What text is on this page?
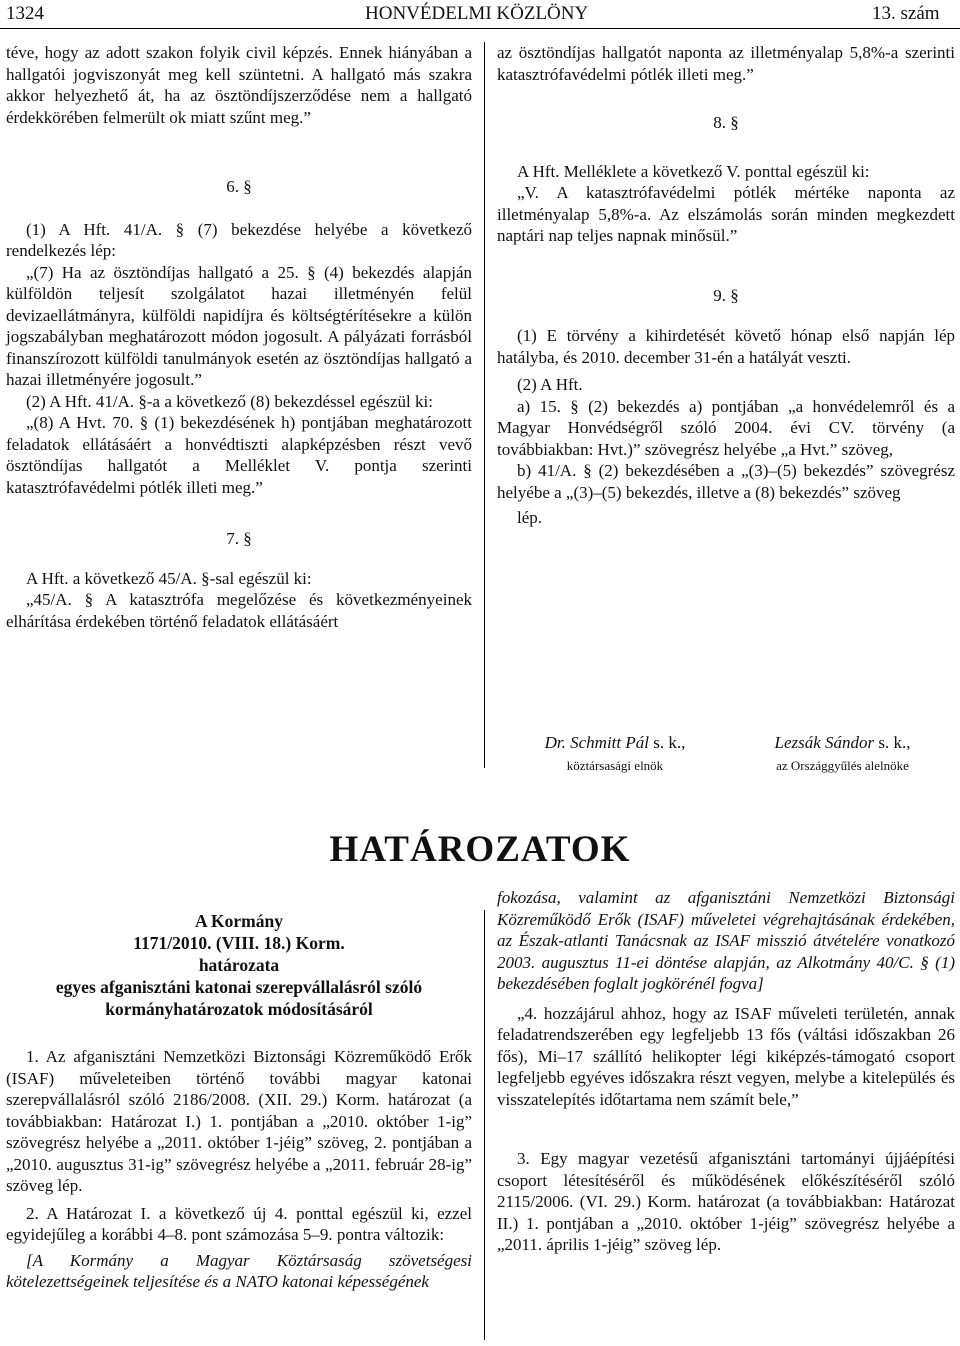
1324	HONVÉDELMI KÖZLÖNY	13. szám

téve, hogy az adott szakon folyik civil képzés. Ennek hiányában a hallgatói jogviszonyát meg kell szüntetni. A hallgató más szakra akkor helyezhető át, ha az ösztöndíjszerződése nem a hallgató érdekkörében felmerült ok miatt szűnt meg.”

6. §

(1) A Hft. 41/A. § (7) bekezdése helyébe a következő rendelkezés lép:

„(7) Ha az ösztöndíjas hallgató a 25. § (4) bekezdés alapján külföldön teljesít szolgálatot hazai illetményén felül devizaellátmányra, külföldi napidíjra és költségtérítésekre a külön jogszabályban meghatározott módon jogosult. A pályázati forrásból finanszírozott külföldi tanulmányok esetén az ösztöndíjas hallgató a hazai illetményére jogosult.”

(2) A Hft. 41/A. §-a a következő (8) bekezdéssel egészül ki:

„(8) A Hvt. 70. § (1) bekezdésének h) pontjában meghatározott feladatok ellátásáért a honvédtiszti alapképzésben részt vevő ösztöndíjas hallgatót a Melléklet V. pontja szerinti katasztrófavédelmi pótlék illeti meg.”

7. §

A Hft. a következő 45/A. §-sal egészül ki:

„45/A. § A katasztrófa megelőzése és következményeinek elhárítása érdekében történő feladatok ellátásáért

az ösztöndíjas hallgatót naponta az illetményalap 5,8%-a szerinti katasztrófavédelmi pótlék illeti meg.”

8. §

A Hft. Melléklete a következő V. ponttal egészül ki:

„V. A katasztrófavédelmi pótlék mértéke naponta az illetményalap 5,8%-a. Az elszámolás során minden megkezdett naptári nap teljes napnak minősül.”

9. §

(1) E törvény a kihirdetését követő hónap első napján lép hatályba, és 2010. december 31-én a hatályát veszti.

(2) A Hft.

a) 15. § (2) bekezdés a) pontjában „a honvédelemről és a Magyar Honvédségről szóló 2004. évi CV. törvény (a továbbiakban: Hvt.)” szövegrész helyébe „a Hvt.” szöveg,

b) 41/A. § (2) bekezdésében a „(3)–(5) bekezdés” szövegrész helyébe a „(3)–(5) bekezdés, illetve a (8) bekezdés” szöveg

lép.

Dr. Schmitt Pál s. k.,
köztársasági elnök
Lezsák Sándor s. k.,
az Országgyűlés alelnöke
HATÁROZATOK

A Kormány

1171/2010. (VIII. 18.) Korm.

határozata

egyes afganisztáni katonai szerepvállalásról szóló

kormányhatározatok módosításáról

1. Az afganisztáni Nemzetközi Biztonsági Közreműködő Erők (ISAF) műveleteiben történő további magyar katonai szerepvállalásról szóló 2186/2008. (XII. 29.) Korm. határozat (a továbbiakban: Határozat I.) 1. pontjában a „2010. október 1-ig” szövegrész helyébe a „2011. október 1-jéig” szöveg, 2. pontjában a „2010. augusztus 31-ig” szövegrész helyébe a „2011. február 28-ig” szöveg lép.

2. A Határozat I. a következő új 4. ponttal egészül ki, ezzel egyidejűleg a korábbi 4–8. pont számozása 5–9. pontra változik:

[A Kormány a Magyar Köztársaság szövetségesi kötelezettségeinek teljesítése és a NATO katonai képességének

fokozása, valamint az afganisztáni Nemzetközi Biztonsági Közreműködő Erők (ISAF) műveletei végrehajtásának érdekében, az Észak-atlanti Tanácsnak az ISAF misszió átvételére vonatkozó 2003. augusztus 11-ei döntése alapján, az Alkotmány 40/C. § (1) bekezdésében foglalt jogkörénél fogva]

„4. hozzájárul ahhoz, hogy az ISAF műveleti területén, annak feladatrendszerében egy legfeljebb 13 fős (váltási időszakban 26 fős), Mi–17 szállító helikopter légi kiképzés-támogató csoport legfeljebb egyéves időszakra részt vegyen, melybe a kitelepülés és visszatelepítés időtartama nem számít bele,”

3. Egy magyar vezetésű afganisztáni tartományi újjáépítési csoport létesítéséről és működésének előkészítéséről szóló 2115/2006. (VI. 29.) Korm. határozat (a továbbiakban: Határozat II.) 1. pontjában a „2010. október 1-jéig” szövegrész helyébe a „2011. április 1-jéig” szöveg lép.
